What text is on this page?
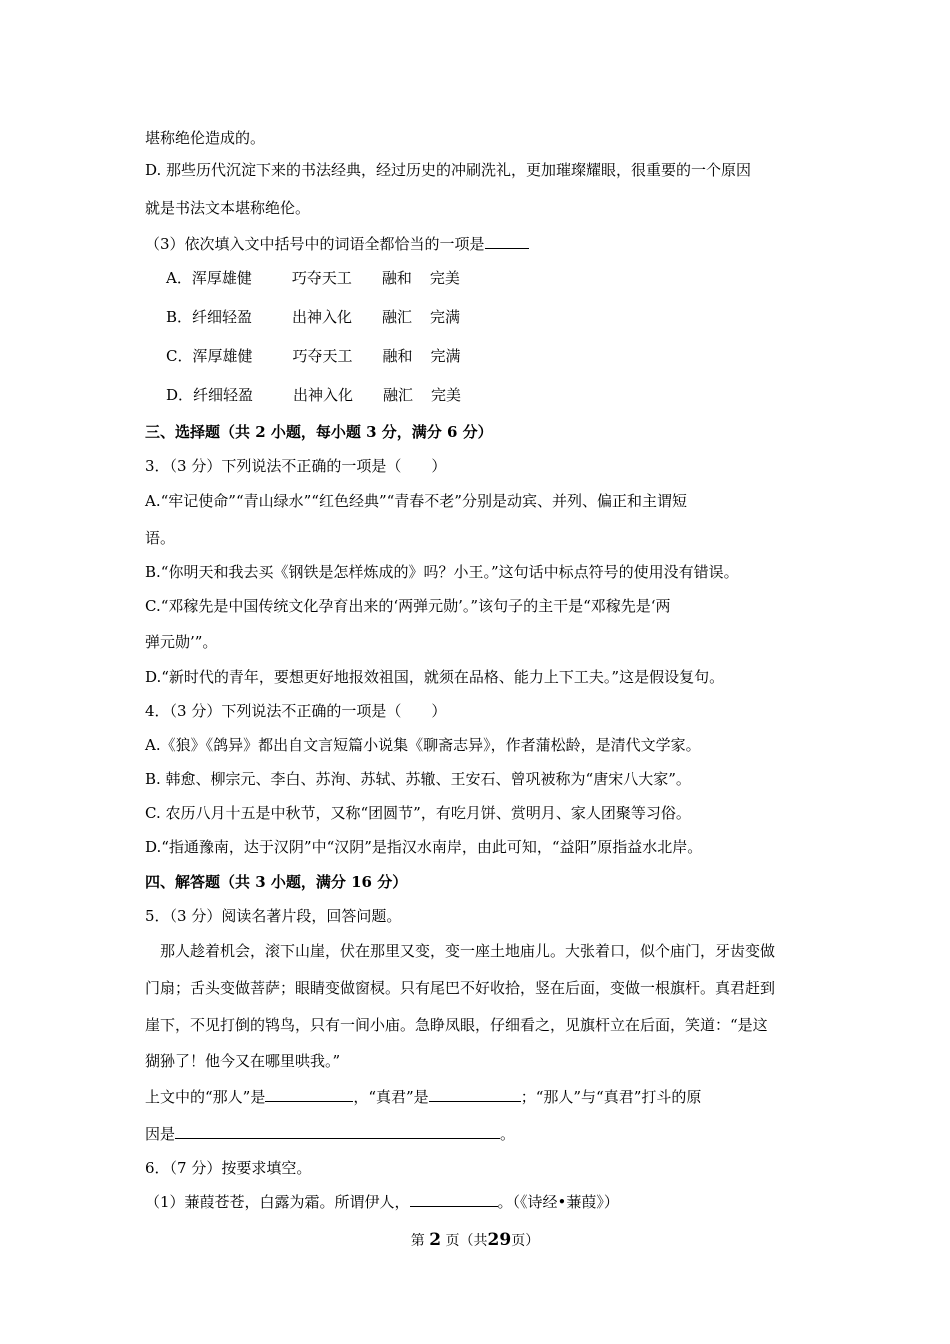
堪称绝伦造成的。
D. 那些历代沉淀下来的书法经典，经过历史的冲刷洗礼，更加璀璨耀眼，很重要的一个原因
就是书法文本堪称绝伦。
（3）依次填入文中括号中的词语全都恰当的一项是
A．浑厚雄健	巧夺天工 融和 完美
B．纤细轻盈	出神入化 融汇 完满
C．浑厚雄健	巧夺天工 融和 完满
D．纤细轻盈	出神入化 融汇 完美
三、选择题（共 2 小题，每小题 3 分，满分 6 分）
3．（3 分）下列说法不正确的一项是（　　）
A.“牢记使命”“青山绿水”“红色经典”“青春不老”分别是动宾、并列、偏正和主谓短
语。
B.“你明天和我去买《钢铁是怎样炼成的》吗？小王。”这句话中标点符号的使用没有错误。
C.“邓稼先是中国传统文化孕育出来的‘两弹元勋’。”该句子的主干是“邓稼先是‘两
弹元勋’”。
D.“新时代的青年，要想更好地报效祖国，就须在品格、能力上下工夫。”这是假设复句。
4．（3 分）下列说法不正确的一项是（　　）
A.《狼》《鸽异》都出自文言短篇小说集《聊斋志异》，作者蒲松龄，是清代文学家。
B. 韩愈、柳宗元、李白、苏洵、苏轼、苏辙、王安石、曾巩被称为“唐宋八大家”。
C. 农历八月十五是中秋节，又称“团圆节”，有吃月饼、赏明月、家人团聚等习俗。
D.“指通豫南，达于汉阴”中“汉阴”是指汉水南岸，由此可知，“益阳”原指益水北岸。
四、解答题（共 3 小题，满分 16 分）
5．（3 分）阅读名著片段，回答问题。
那人趁着机会，滚下山崖，伏在那里又变，变一座土地庙儿。大张着口，似个庙门，牙齿变做
门扇；舌头变做菩萨；眼睛变做窗棂。只有尾巴不好收拾，竖在后面，变做一根旗杆。真君赶到
崖下，不见打倒的鸨鸟，只有一间小庙。急睁凤眼，仔细看之，见旗杆立在后面，笑道：“是这
猢狲了！他今又在哪里哄我。”
上文中的“那人”是	，“真君”是	；“那人”与“真君”打斗的原
因是	。
6．（7 分）按要求填空。
（1）蒹葭苍苍，白露为霜。所谓伊人，	。（《诗经•蒹葭》）
第 2 页（共29页）
